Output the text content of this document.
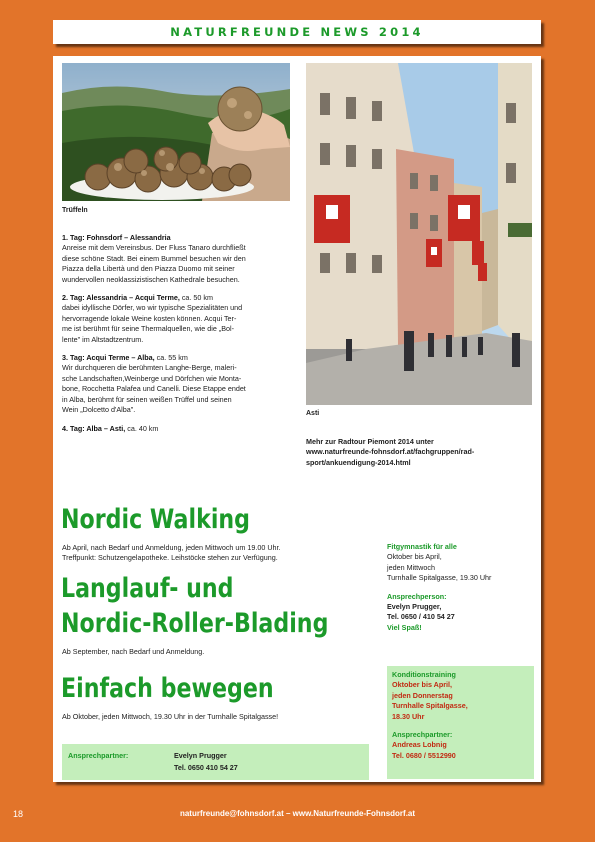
NATURFREUNDE NEWS 2014
Trüffeln
Asti
1. Tag: Fohnsdorf – Alessandria
Anreise mit dem Vereinsbus. Der Fluss Tanaro durchfließt
diese schöne Stadt. Bei einem Bummel besuchen wir den
Piazza della Libertà und den Piazza Duomo mit seiner
wundervollen neoklassizistischen Kathedrale besuchen.
2. Tag: Alessandria – Acqui Terme, ca. 50 km
dabei idyllische Dörfer, wo wir typische Spezialitäten und
hervorragende lokale Weine kosten können. Acqui Ter-
me ist berühmt für seine Thermalquellen, wie die „Bol-
lente" im Altstadtzentrum.
3. Tag: Acqui Terme – Alba, ca. 55 km
Wir durchqueren die berühmten Langhe-Berge, maleri-
sche Landschaften,Weinberge und Dörfchen wie Monta-
bone, Rocchetta Palafea und Canelli. Diese Etappe endet
in Alba, berühmt für seinen weißen Trüffel und seinen
Wein „Dolcetto d'Alba".
4. Tag: Alba – Asti, ca. 40 km
Mehr zur Radtour Piemont 2014 unter
www.naturfreunde-fohnsdorf.at/fachgruppen/rad-
sport/ankuendigung-2014.html
Nordic Walking
Ab April, nach Bedarf und Anmeldung, jeden Mittwoch um 19.00 Uhr.
Treffpunkt: Schutzengelapotheke. Leihstöcke stehen zur Verfügung.
Langlauf- und
Nordic-Roller-Blading
Ab September, nach Bedarf und Anmeldung.
Einfach bewegen
Ab Oktober, jeden Mittwoch, 19.30 Uhr in der Turnhalle Spitalgasse!
Ansprechpartner:	Evelyn Prugger
Tel. 0650 410 54 27
Fitgymnastik für alle
Oktober bis April,
jeden Mittwoch
Turnhalle Spitalgasse, 19.30 Uhr
Ansprechperson:
Evelyn Prugger,
Tel. 0650 / 410 54 27
Viel Spaß!
Konditionstraining
Oktober bis April,
jeden Donnerstag
Turnhalle Spitalgasse,
18.30 Uhr
Ansprechpartner:
Andreas Lobnig
Tel. 0680 / 5512990
18	naturfreunde@fohnsdorf.at – www.Naturfreunde-Fohnsdorf.at
